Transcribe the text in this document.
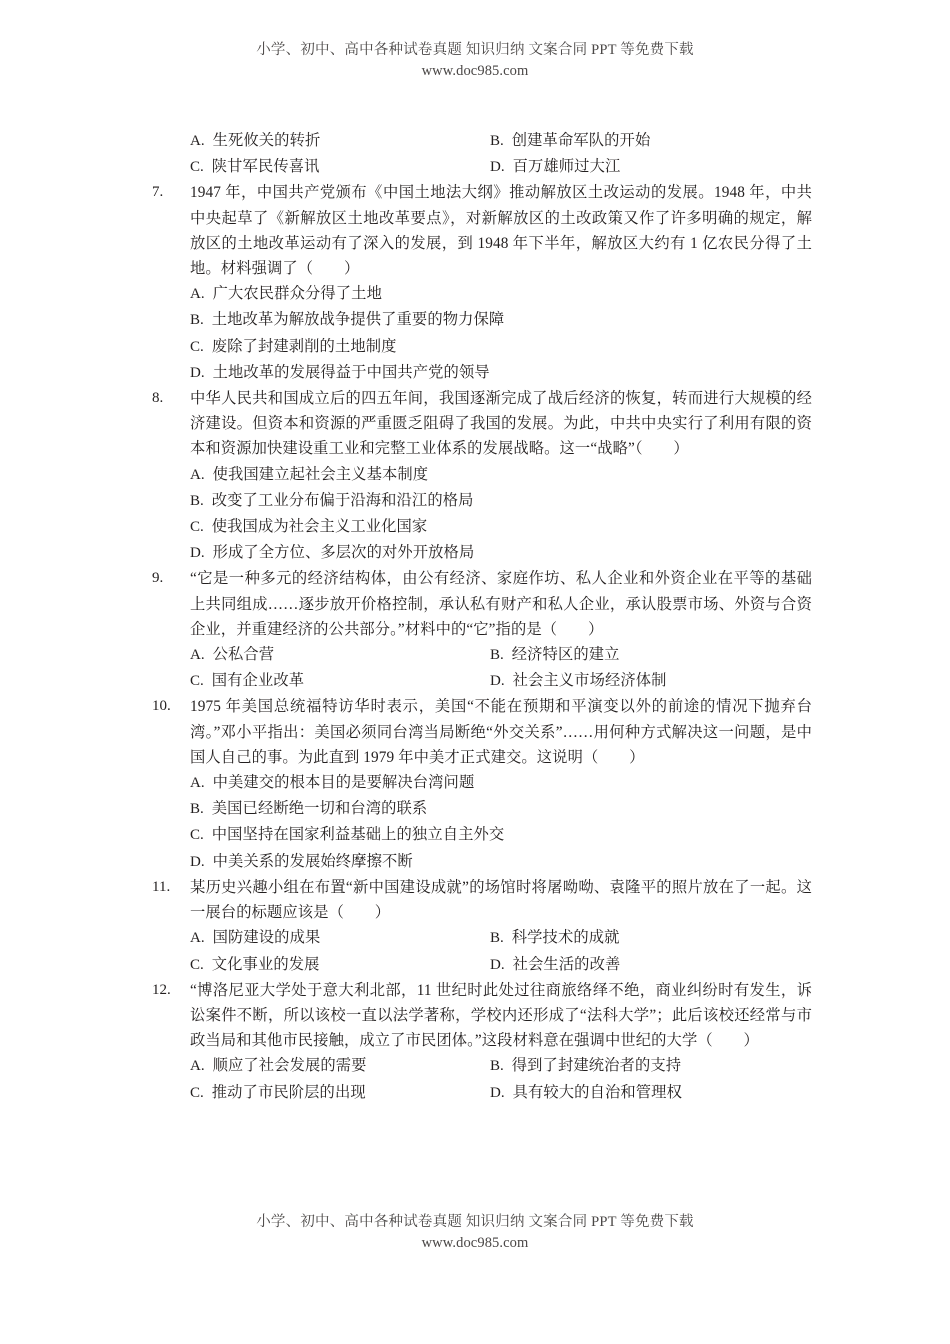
小学、初中、高中各种试卷真题 知识归纳 文案合同 PPT 等免费下载
www.doc985.com
A. 生死攸关的转折	B. 创建革命军队的开始
C. 陕甘军民传喜讯	D. 百万雄师过大江
7.	1947 年，中国共产党颁布《中国土地法大纲》推动解放区土改运动的发展。1948 年，中共中央起草了《新解放区土地改革要点》，对新解放区的土改政策又作了许多明确的规定，解放区的土地改革运动有了深入的发展，到 1948 年下半年，解放区大约有 1 亿农民分得了土地。材料强调了（　　）
A. 广大农民群众分得了土地
B. 土地改革为解放战争提供了重要的物力保障
C. 废除了封建剥削的土地制度
D. 土地改革的发展得益于中国共产党的领导
8.	中华人民共和国成立后的四五年间，我国逐渐完成了战后经济的恢复，转而进行大规模的经济建设。但资本和资源的严重匮乏阻碍了我国的发展。为此，中共中央实行了利用有限的资本和资源加快建设重工业和完整工业体系的发展战略。这一“战略”（　　）
A. 使我国建立起社会主义基本制度
B. 改变了工业分布偏于沿海和沿江的格局
C. 使我国成为社会主义工业化国家
D. 形成了全方位、多层次的对外开放格局
9.	“它是一种多元的经济结构体，由公有经济、家庭作坊、私人企业和外资企业在平等的基础上共同组成……逐步放开价格控制，承认私有财产和私人企业，承认股票市场、外资与合资企业，并重建经济的公共部分。”材料中的“它”指的是（　　）
A. 公私合营	B. 经济特区的建立
C. 国有企业改革	D. 社会主义市场经济体制
10.	1975 年美国总统福特访华时表示，美国“不能在预期和平演变以外的前途的情况下抛弃台湾。”邓小平指出：美国必须同台湾当局断绝“外交关系”……用何种方式解决这一问题，是中国人自己的事。为此直到 1979 年中美才正式建交。这说明（　　）
A. 中美建交的根本目的是要解决台湾问题
B. 美国已经断绝一切和台湾的联系
C. 中国坚持在国家利益基础上的独立自主外交
D. 中美关系的发展始终摩擦不断
11.	某历史兴趣小组在布置“新中国建设成就”的场馆时将屠呦呦、袁隆平的照片放在了一起。这一展台的标题应该是（　　）
A. 国防建设的成果	B. 科学技术的成就
C. 文化事业的发展	D. 社会生活的改善
12.	“博洛尼亚大学处于意大利北部，11 世纪时此处过往商旅络绎不绝，商业纠纷时有发生，诉讼案件不断，所以该校一直以法学著称，学校内还形成了“法科大学”；此后该校还经常与市政当局和其他市民接触，成立了市民团体。”这段材料意在强调中世纪的大学（　　）
A. 顺应了社会发展的需要	B. 得到了封建统治者的支持
C. 推动了市民阶层的出现	D. 具有较大的自治和管理权
小学、初中、高中各种试卷真题 知识归纳 文案合同 PPT 等免费下载
www.doc985.com
